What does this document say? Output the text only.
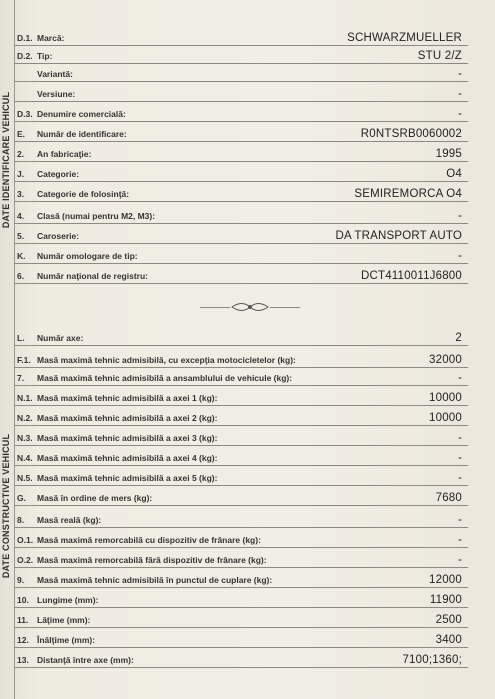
DATE IDENTIFICARE VEHICUL
DATE CONSTRUCTIVE VEHICUL
D.1. Marcă:	SCHWARZMUELLER
D.2. Tip:	STU 2/Z
Variantă:	-
Versiune:	-
D.3. Denumire comercială:	-
E. Număr de identificare:	R0NTSRB0060002
2. An fabricaţie:	1995
J. Categorie:	O4
3. Categorie de folosinţă:	SEMIREMORCA O4
4. Clasă (numai pentru M2, M3):	-
5. Caroserie:	DA TRANSPORT AUTO
K. Număr omologare de tip:	-
6. Număr naţional de registru:	DCT4110011J6800
L. Număr axe:	2
F.1. Masă maximă tehnic admisibilă, cu excepţia motocicletelor (kg):	32000
7. Masă maximă tehnic admisibilă a ansamblului de vehicule (kg):	-
N.1. Masă maximă tehnic admisibilă a axei 1 (kg):	10000
N.2. Masă maximă tehnic admisibilă a axei 2 (kg):	10000
N.3. Masă maximă tehnic admisibilă a axei 3 (kg):	-
N.4. Masă maximă tehnic admisibilă a axei 4 (kg):	-
N.5. Masă maximă tehnic admisibilă a axei 5 (kg):	-
G. Masă în ordine de mers (kg):	7680
8. Masă reală (kg):	-
O.1. Masă maximă remorcabilă cu dispozitiv de frânare (kg):	-
O.2. Masă maximă remorcabilă fără dispozitiv de frânare (kg):	-
9. Masă maximă tehnic admisibilă în punctul de cuplare (kg):	12000
10. Lungime (mm):	11900
11. Lăţime (mm):	2500
12. Înălţime (mm):	3400
13. Distanţă între axe (mm):	7100;1360;
